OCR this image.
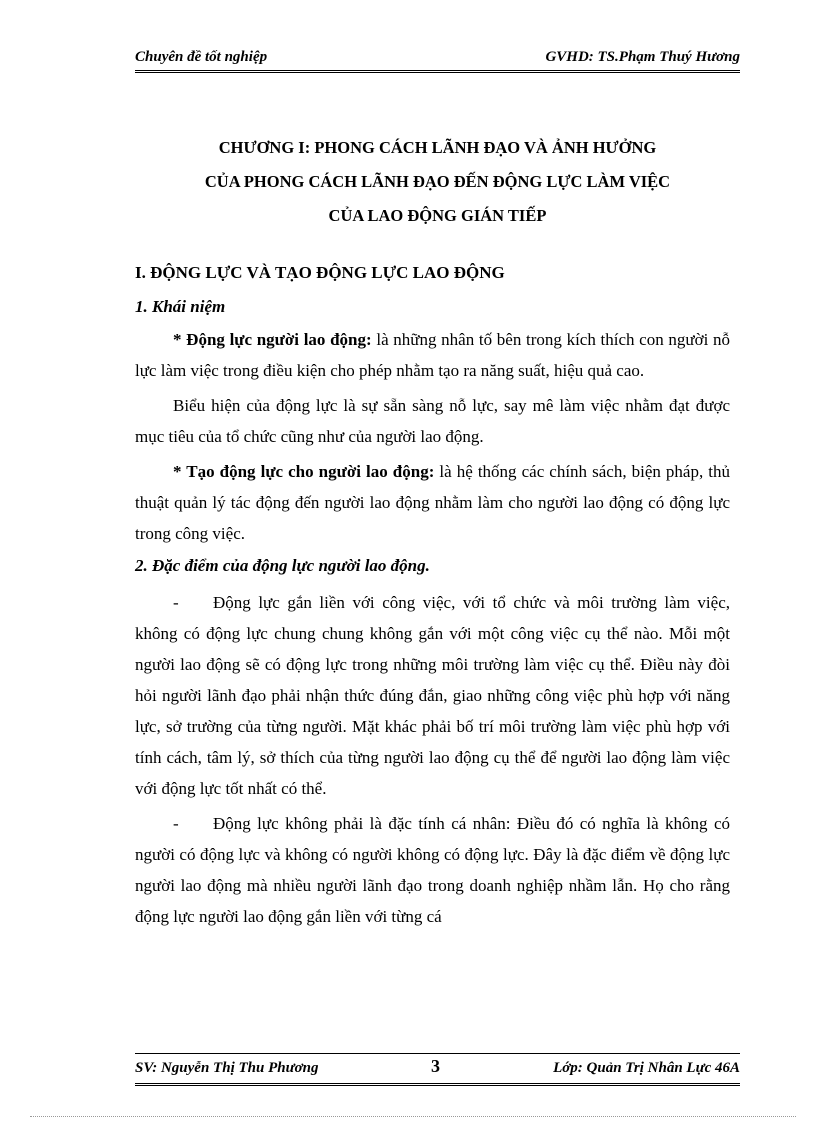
Chuyên đề tốt nghiệp	GVHD: TS.Phạm Thuý Hương
CHƯƠNG I: PHONG CÁCH LÃNH ĐẠO VÀ ẢNH HƯỞNG
CỦA PHONG CÁCH LÃNH ĐẠO ĐẾN ĐỘNG LỰC LÀM VIỆC
CỦA LAO ĐỘNG GIÁN TIẾP

I. ĐỘNG LỰC VÀ TẠO ĐỘNG LỰC LAO ĐỘNG

1. Khái niệm

* Động lực người lao động: là những nhân tố bên trong kích thích con người nỗ lực làm việc trong điều kiện cho phép nhằm tạo ra năng suất, hiệu quả cao.

Biểu hiện của động lực là sự sẵn sàng nỗ lực, say mê làm việc nhằm đạt được mục tiêu của tổ chức cũng như của người lao động.

* Tạo động lực cho người lao động: là hệ thống các chính sách, biện pháp, thủ thuật quản lý tác động đến người lao động nhằm làm cho người lao động có động lực trong công việc.

2. Đặc điểm của động lực người lao động.

- Động lực gắn liền với công việc, với tổ chức và môi trường làm việc, không có động lực chung chung không gắn với một công việc cụ thể nào. Mỗi một người lao động sẽ có động lực trong những môi trường làm việc cụ thể. Điều này đòi hỏi người lãnh đạo phải nhận thức đúng đắn, giao những công việc phù hợp với năng lực, sở trường của từng người. Mặt khác phải bố trí môi trường làm việc phù hợp với tính cách, tâm lý, sở thích của từng người lao động cụ thể để người lao động làm việc với động lực tốt nhất có thể.

- Động lực không phải là đặc tính cá nhân: Điều đó có nghĩa là không có người có động lực và không có người không có động lực. Đây là đặc điểm về động lực người lao động mà nhiều người lãnh đạo trong doanh nghiệp nhầm lẫn. Họ cho rằng động lực người lao động gắn liền với từng cá

SV: Nguyễn Thị Thu Phương	3	Lớp: Quản Trị Nhân Lực 46A
